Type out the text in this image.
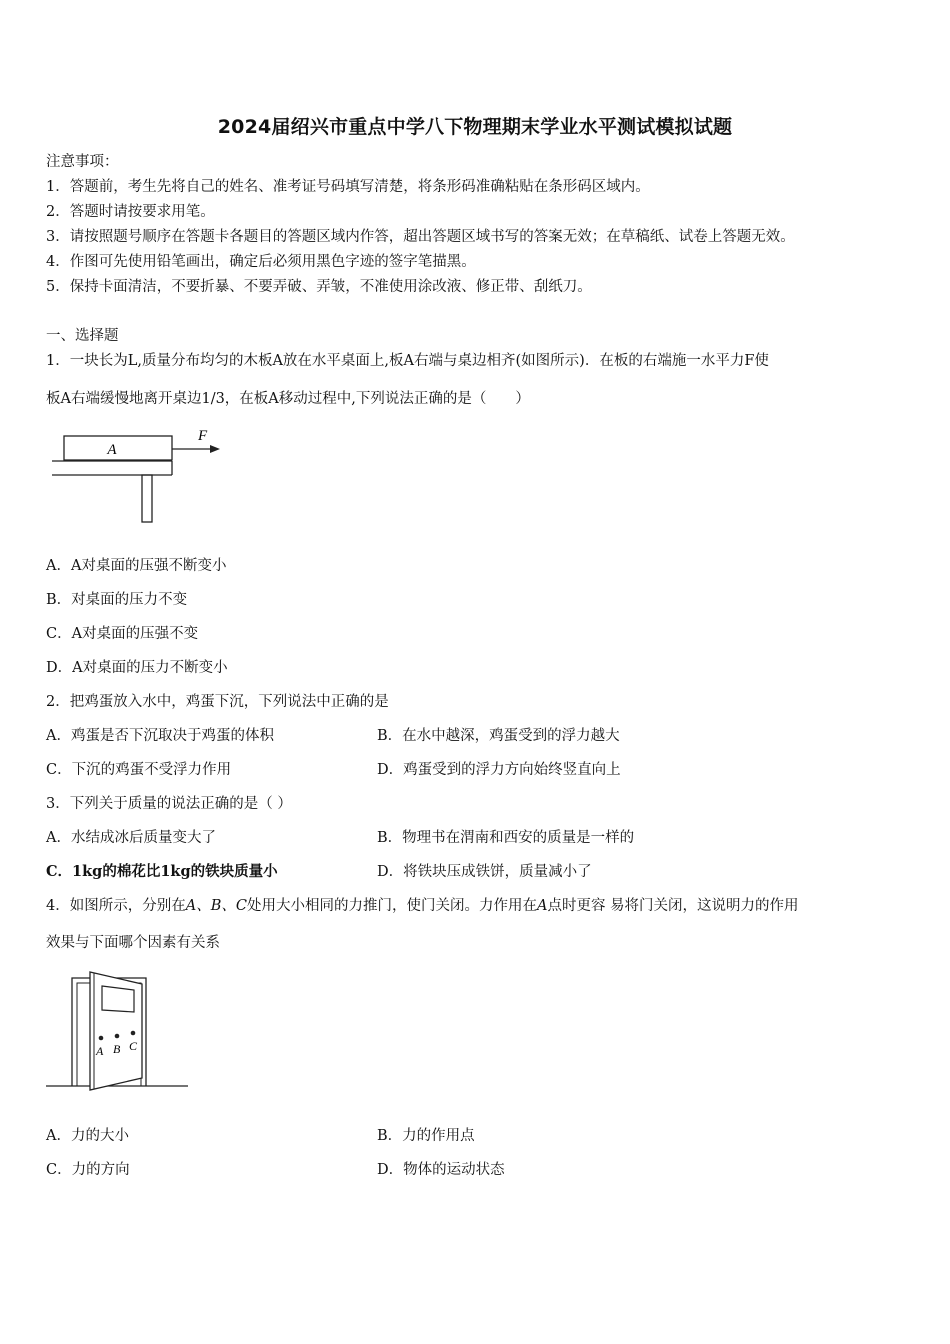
2024届绍兴市重点中学八下物理期末学业水平测试模拟试题
注意事项：
1．答题前，考生先将自己的姓名、准考证号码填写清楚，将条形码准确粘贴在条形码区域内。
2．答题时请按要求用笔。
3．请按照题号顺序在答题卡各题目的答题区域内作答，超出答题区域书写的答案无效；在草稿纸、试卷上答题无效。
4．作图可先使用铅笔画出，确定后必须用黑色字迹的签字笔描黑。
5．保持卡面清洁，不要折暴、不要弄破、弄皱，不准使用涂改液、修正带、刮纸刀。
一、选择题
1．一块长为L,质量分布均匀的木板A放在水平桌面上,板A右端与桌边相齐(如图所示)．在板的右端施一水平力F使
板A右端缓慢地离开桌边1/3，在板A移动过程中,下列说法正确的是（　　）
A
F
A．A对桌面的压强不断变小
B．对桌面的压力不变
C．A对桌面的压强不变
D．A对桌面的压力不断变小
2．把鸡蛋放入水中，鸡蛋下沉，下列说法中正确的是
A．鸡蛋是否下沉取决于鸡蛋的体积	B．在水中越深，鸡蛋受到的浮力越大
C．下沉的鸡蛋不受浮力作用	D．鸡蛋受到的浮力方向始终竖直向上
3．下列关于质量的说法正确的是（ ）
A．水结成冰后质量变大了	B．物理书在渭南和西安的质量是一样的
C．1kg的棉花比1kg的铁块质量小	D．将铁块压成铁饼，质量减小了
4．如图所示，分别在A、B、C处用大小相同的力推门，使门关闭。力作用在A点时更容 易将门关闭，这说明力的作用
效果与下面哪个因素有关系
A B C
A．力的大小	B．力的作用点
C．力的方向	D．物体的运动状态
